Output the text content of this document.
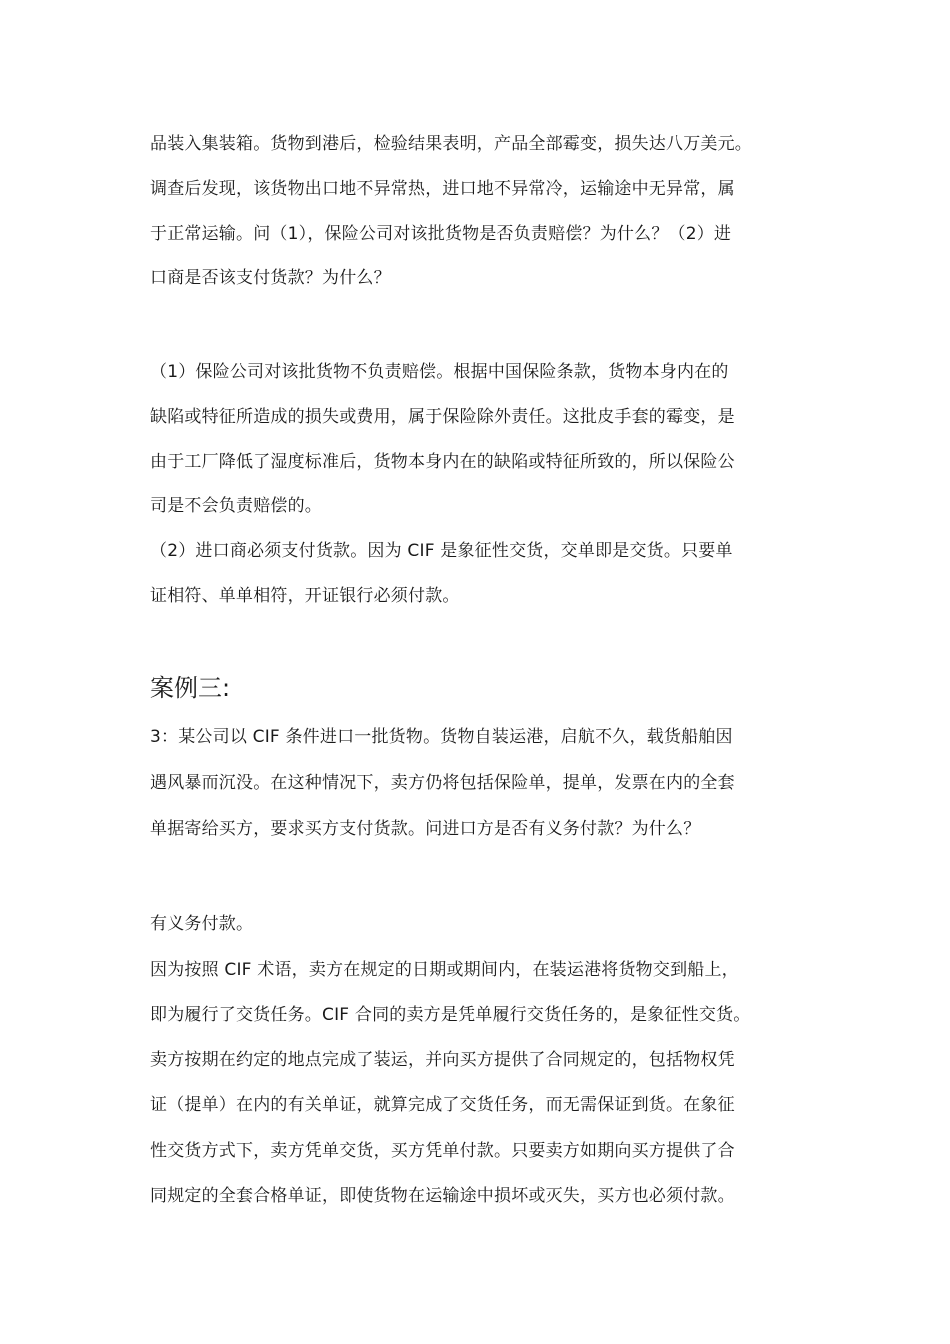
品装入集装箱。货物到港后，检验结果表明，产品全部霉变，损失达八万美元。
调查后发现，该货物出口地不异常热，进口地不异常冷，运输途中无异常，属
于正常运输。问（1），保险公司对该批货物是否负责赔偿？为什么？（2）进
口商是否该支付货款？为什么？
（1）保险公司对该批货物不负责赔偿。根据中国保险条款，货物本身内在的
缺陷或特征所造成的损失或费用，属于保险除外责任。这批皮手套的霉变，是
由于工厂降低了湿度标准后，货物本身内在的缺陷或特征所致的，所以保险公
司是不会负责赔偿的。
（2）进口商必须支付货款。因为 CIF 是象征性交货，交单即是交货。只要单
证相符、单单相符，开证银行必须付款。
案例三:
3：某公司以 CIF 条件进口一批货物。货物自装运港，启航不久，载货船舶因
遇风暴而沉没。在这种情况下，卖方仍将包括保险单，提单，发票在内的全套
单据寄给买方，要求买方支付货款。问进口方是否有义务付款？为什么？
有义务付款。
因为按照 CIF 术语，卖方在规定的日期或期间内，在装运港将货物交到船上，
即为履行了交货任务。CIF 合同的卖方是凭单履行交货任务的，是象征性交货。
卖方按期在约定的地点完成了装运，并向买方提供了合同规定的，包括物权凭
证（提单）在内的有关单证，就算完成了交货任务，而无需保证到货。在象征
性交货方式下，卖方凭单交货，买方凭单付款。只要卖方如期向买方提供了合
同规定的全套合格单证，即使货物在运输途中损坏或灭失，买方也必须付款。
